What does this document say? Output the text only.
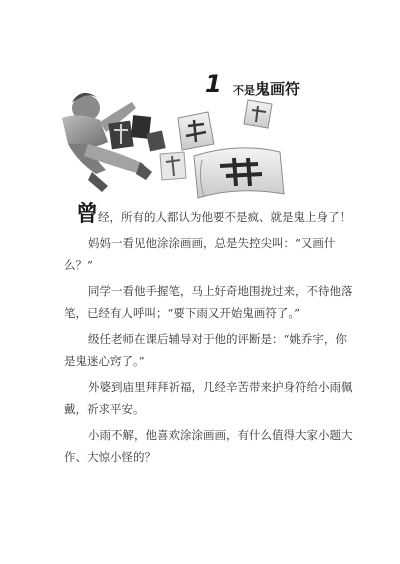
1 不是鬼画符

曾经，所有的人都认为他要不是疯、就是鬼上身了！

妈妈一看见他涂涂画画，总是失控尖叫：“又画什么？”

同学一看他手握笔，马上好奇地围拢过来，不待他落笔，已经有人呼叫；“要下雨又开始鬼画符了。”

级任老师在课后辅导对于他的评断是：“姚乔宇，你是鬼迷心窍了。”

外婆到庙里拜拜祈福，几经辛苦带来护身符给小雨佩戴，祈求平安。

小雨不解，他喜欢涂涂画画，有什么值得大家小题大作、大惊小怪的？
